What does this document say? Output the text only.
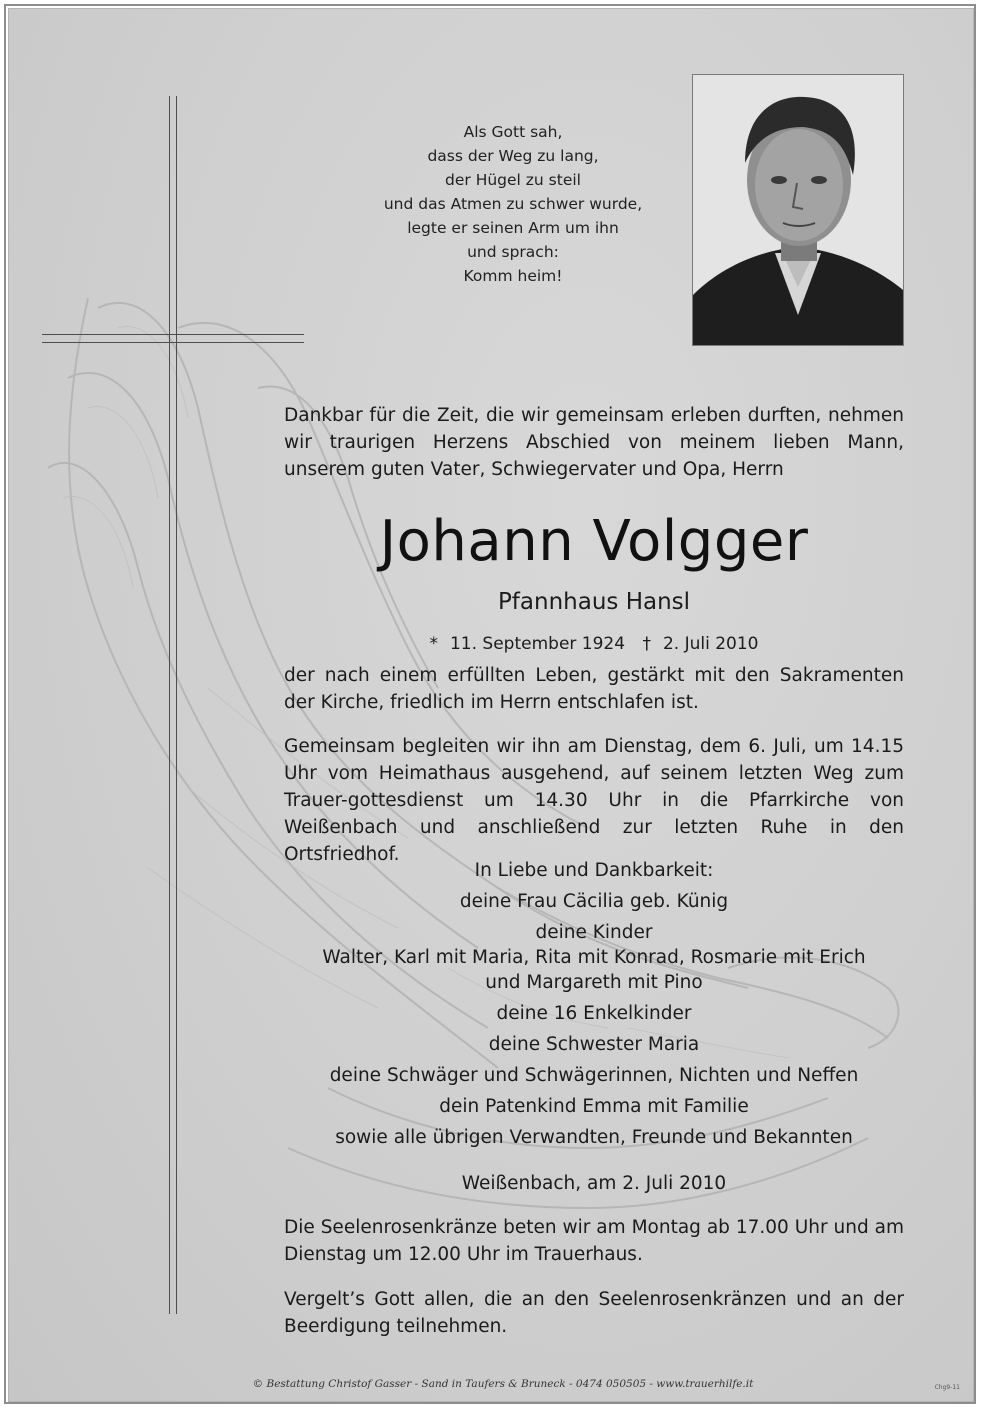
Als Gott sah,
dass der Weg zu lang,
der Hügel zu steil
und das Atmen zu schwer wurde,
legte er seinen Arm um ihn
und sprach:
Komm heim!
Dankbar für die Zeit, die wir gemeinsam erleben durften, nehmen wir traurigen Herzens Abschied von meinem lieben Mann, unserem guten Vater, Schwiegervater und Opa, Herrn
Johann Volgger
Pfannhaus Hansl
* 11. September 1924 † 2. Juli 2010
der nach einem erfüllten Leben, gestärkt mit den Sakramenten der Kirche, friedlich im Herrn entschlafen ist.
Gemeinsam begleiten wir ihn am Dienstag, dem 6. Juli, um 14.15 Uhr vom Heimathaus ausgehend, auf seinem letzten Weg zum Trauer-gottesdienst um 14.30 Uhr in die Pfarrkirche von Weißenbach und anschließend zur letzten Ruhe in den Ortsfriedhof.
In Liebe und Dankbarkeit:
deine Frau Cäcilia geb. Künig
deine Kinder
Walter, Karl mit Maria, Rita mit Konrad, Rosmarie mit Erich
und Margareth mit Pino
deine 16 Enkelkinder
deine Schwester Maria
deine Schwäger und Schwägerinnen, Nichten und Neffen
dein Patenkind Emma mit Familie
sowie alle übrigen Verwandten, Freunde und Bekannten
Weißenbach, am 2. Juli 2010
Die Seelenrosenkränze beten wir am Montag ab 17.00 Uhr und am Dienstag um 12.00 Uhr im Trauerhaus.
Vergelt’s Gott allen, die an den Seelenrosenkränzen und an der Beerdigung teilnehmen.
© Bestattung Christof Gasser - Sand in Taufers & Bruneck - 0474 050505 - www.trauerhilfe.it	Chg9-11
